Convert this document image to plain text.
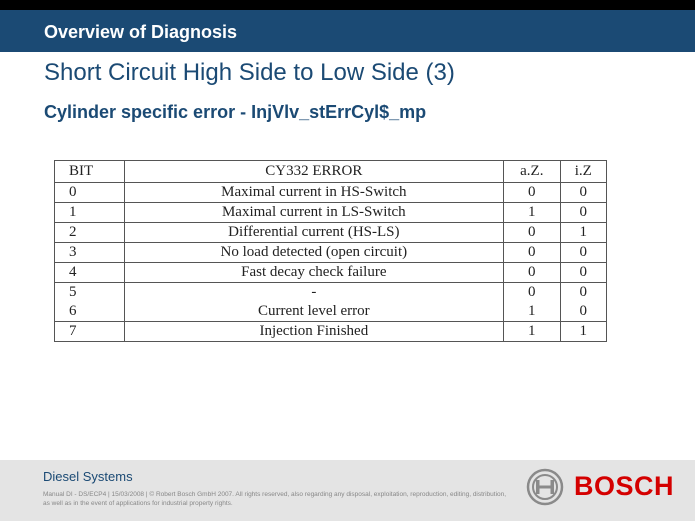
Overview of Diagnosis
Short Circuit High Side to Low Side (3)
Cylinder specific error - InjVlv_stErrCyl$_mp
BIT	CY332 ERROR	a.Z.	i.Z
0	Maximal current in HS-Switch	0	0
1	Maximal current in LS-Switch	1	0
2	Differential current (HS-LS)	0	1
3	No load detected (open circuit)	0	0
4	Fast decay check failure	0	0
5	-	0	0
6	Current level error	1	0
7	Injection Finished	1	1
Diesel Systems
Manual DI - DS/ECP4 | 15/03/2008 | © Robert Bosch GmbH 2007. All rights reserved, also regarding any disposal, exploitation, reproduction, editing, distribution, as well as in the event of applications for industrial property rights.
BOSCH
